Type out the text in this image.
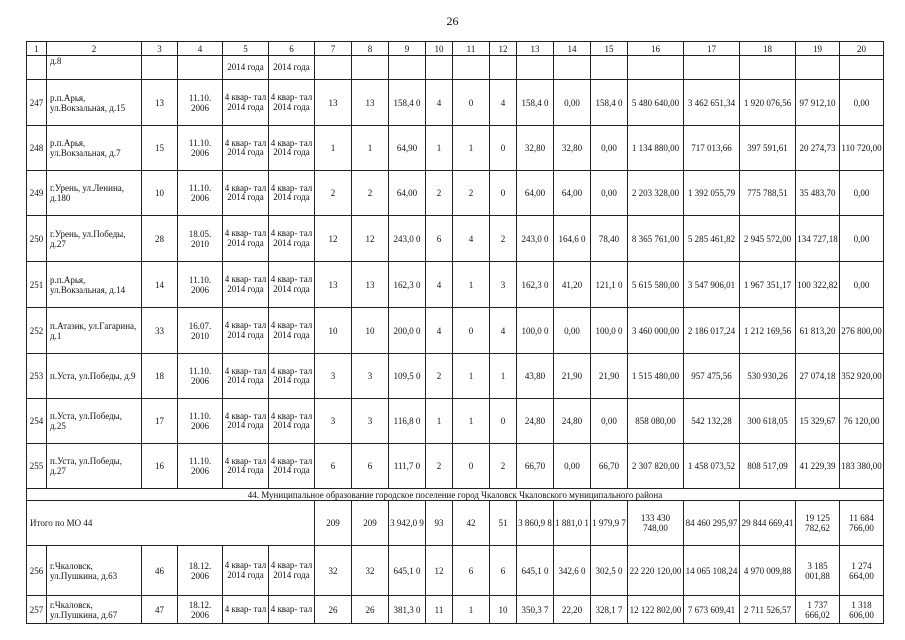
26
1	2	3	4	5	6	7	8	9	10	11	12	13	14	15	16	17	18	19	20
	д.8			2014 года	2014 года														
247	р.п.Арья, ул.Вокзальная, д.15	13	11.10. 2006	4 квар- тал 2014 года	4 квар- тал 2014 года	13	13	158,4 0	4	0	4	158,4 0	0,00	158,4 0	5 480 640,00	3 462 651,34	1 920 076,56	97 912,10	0,00
248	р.п.Арья, ул.Вокзальная, д.7	15	11.10. 2006	4 квар- тал 2014 года	4 квар- тал 2014 года	1	1	64,90	1	1	0	32,80	32,80	0,00	1 134 880,00	717 013,66	397 591,61	20 274,73	110 720,00
249	г.Урень, ул.Ленина, д.180	10	11.10. 2006	4 квар- тал 2014 года	4 квар- тал 2014 года	2	2	64,00	2	2	0	64,00	64,00	0,00	2 203 328,00	1 392 055,79	775 788,51	35 483,70	0,00
250	г.Урень, ул.Победы, д.27	28	18.05. 2010	4 квар- тал 2014 года	4 квар- тал 2014 года	12	12	243,0 0	6	4	2	243,0 0	164,6 0	78,40	8 365 761,00	5 285 461,82	2 945 572,00	134 727,18	0,00
251	р.п.Арья, ул.Вокзальная, д.14	14	11.10. 2006	4 квар- тал 2014 года	4 квар- тал 2014 года	13	13	162,3 0	4	1	3	162,3 0	41,20	121,1 0	5 615 580,00	3 547 906,01	1 967 351,17	100 322,82	0,00
252	п.Атазик, ул.Гагарина, д.1	33	16.07. 2010	4 квар- тал 2014 года	4 квар- тал 2014 года	10	10	200,0 0	4	0	4	100,0 0	0,00	100,0 0	3 460 000,00	2 186 017,24	1 212 169,56	61 813,20	276 800,00
253	п.Уста, ул.Победы, д.9	18	11.10. 2006	4 квар- тал 2014 года	4 квар- тал 2014 года	3	3	109,5 0	2	1	1	43,80	21,90	21,90	1 515 480,00	957 475,56	530 930,26	27 074,18	352 920,00
254	п.Уста, ул.Победы, д.25	17	11.10. 2006	4 квар- тал 2014 года	4 квар- тал 2014 года	3	3	116,8 0	1	1	0	24,80	24,80	0,00	858 080,00	542 132,28	300 618,05	15 329,67	76 120,00
255	п.Уста, ул.Победы, д.27	16	11.10. 2006	4 квар- тал 2014 года	4 квар- тал 2014 года	6	6	111,7 0	2	0	2	66,70	0,00	66,70	2 307 820,00	1 458 073,52	808 517,09	41 229,39	183 380,00
44. Муниципальное образование городское поселение город Чкаловск Чкаловского муниципального района																			
Итого по МО 44						209	209	3 942,0 9	93	42	51	3 860,9 8	1 881,0 1	1 979,9 7	133 430 748,00	84 460 295,97	29 844 669,41	19 125 782,62	11 684 766,00
256	г.Чкаловск, ул.Пушкина, д.63	46	18.12. 2006	4 квар- тал 2014 года	4 квар- тал 2014 года	32	32	645,1 0	12	6	6	645,1 0	342,6 0	302,5 0	22 220 120,00	14 065 108,24	4 970 009,88	3 185 001,88	1 274 664,00
257	г.Чкаловск, ул.Пушкина, д.67	47	18.12. 2006	4 квар- тал	4 квар- тал	26	26	381,3 0	11	1	10	350,3 7	22,20	328,1 7	12 122 802,00	7 673 609,41	2 711 526,57	1 737 666,02	1 318 606,00
